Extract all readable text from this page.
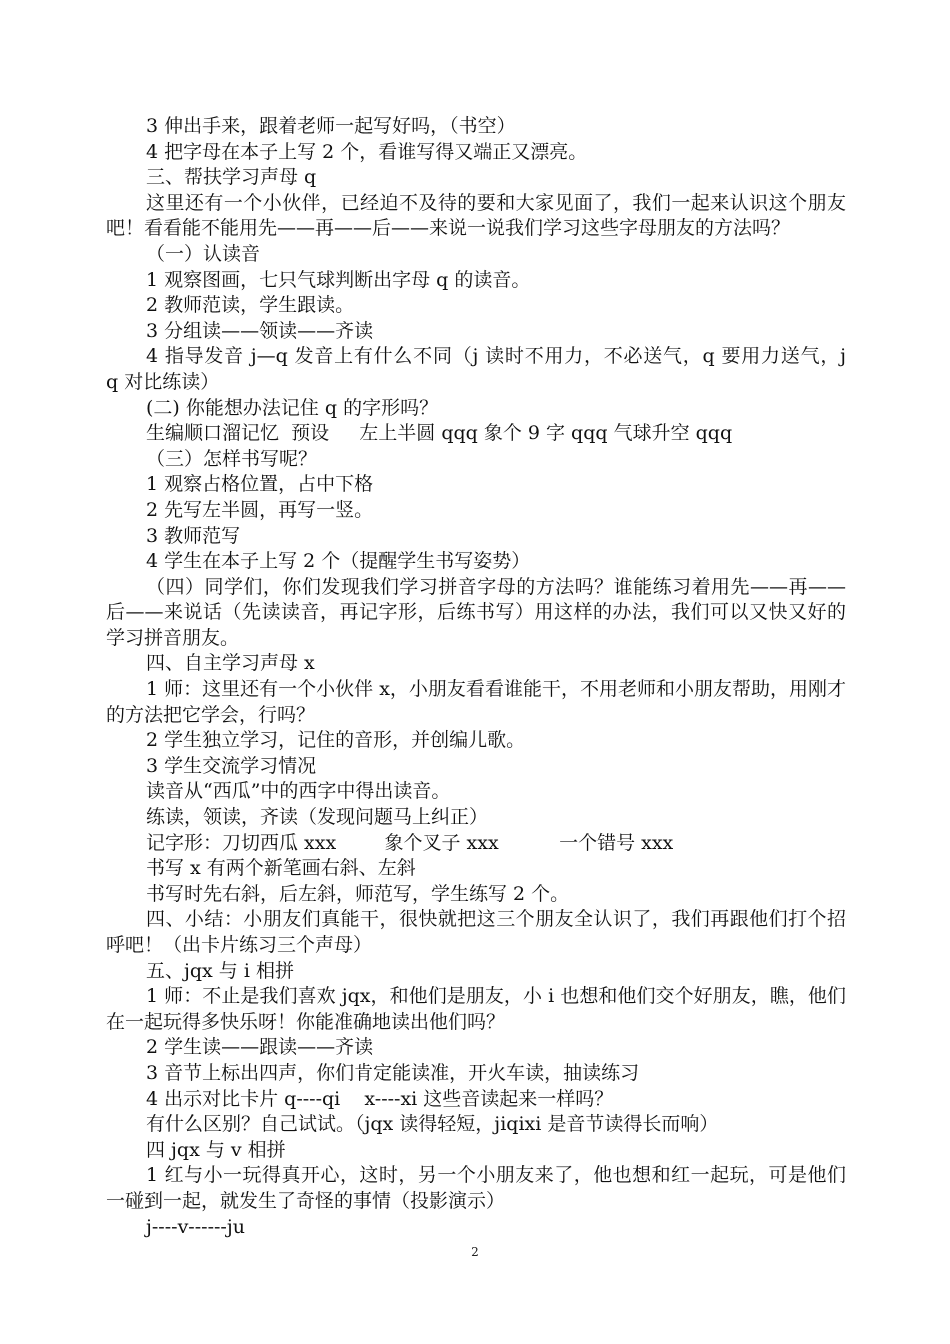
3 伸出手来，跟着老师一起写好吗，（书空）

4 把字母在本子上写 2 个，看谁写得又端正又漂亮。

三、帮扶学习声母 q

这里还有一个小伙伴，已经迫不及待的要和大家见面了，我们一起来认识这个朋友吧！看看能不能用先——再——后——来说一说我们学习这些字母朋友的方法吗？

（一）认读音

1 观察图画，七只气球判断出字母 q 的读音。

2 教师范读，学生跟读。

3 分组读——领读——齐读

4 指导发音 j—q 发音上有什么不同（j 读时不用力，不必送气，q 要用力送气，j    q 对比练读）

(二) 你能想办法记住 q 的字形吗？

生编顺口溜记忆  预设     左上半圆 qqq 象个 9 字 qqq 气球升空 qqq

（三）怎样书写呢？

1 观察占格位置，占中下格

2 先写左半圆，再写一竖。

3 教师范写

4 学生在本子上写 2 个（提醒学生书写姿势）

（四）同学们，你们发现我们学习拼音字母的方法吗？谁能练习着用先——再——后——来说话（先读读音，再记字形，后练书写）用这样的办法，我们可以又快又好的学习拼音朋友。

四、自主学习声母 x

1 师：这里还有一个小伙伴 x，小朋友看看谁能干，不用老师和小朋友帮助，用刚才的方法把它学会，行吗？

2 学生独立学习，记住的音形，并创编儿歌。

3 学生交流学习情况

读音从“西瓜”中的西字中得出读音。

练读，领读，齐读（发现问题马上纠正）

记字形：刀切西瓜 xxx        象个叉子 xxx          一个错号 xxx

书写 x 有两个新笔画右斜、左斜

书写时先右斜，后左斜，师范写，学生练写 2 个。

四、小结：小朋友们真能干，很快就把这三个朋友全认识了，我们再跟他们打个招呼吧！（出卡片练习三个声母）

五、jqx 与 i 相拼

1 师：不止是我们喜欢 jqx，和他们是朋友，小 i 也想和他们交个好朋友，瞧，他们在一起玩得多快乐呀！你能准确地读出他们吗？

2 学生读——跟读——齐读

3 音节上标出四声，你们肯定能读准，开火车读，抽读练习

4 出示对比卡片 q----qi    x----xi 这些音读起来一样吗？

有什么区别？自己试试。（jqx 读得轻短，jiqixi 是音节读得长而响）

四 jqx 与 v 相拼

1 红与小一玩得真开心，这时，另一个小朋友来了，他也想和红一起玩，可是他们一碰到一起，就发生了奇怪的事情（投影演示）

j----v------ju

2
